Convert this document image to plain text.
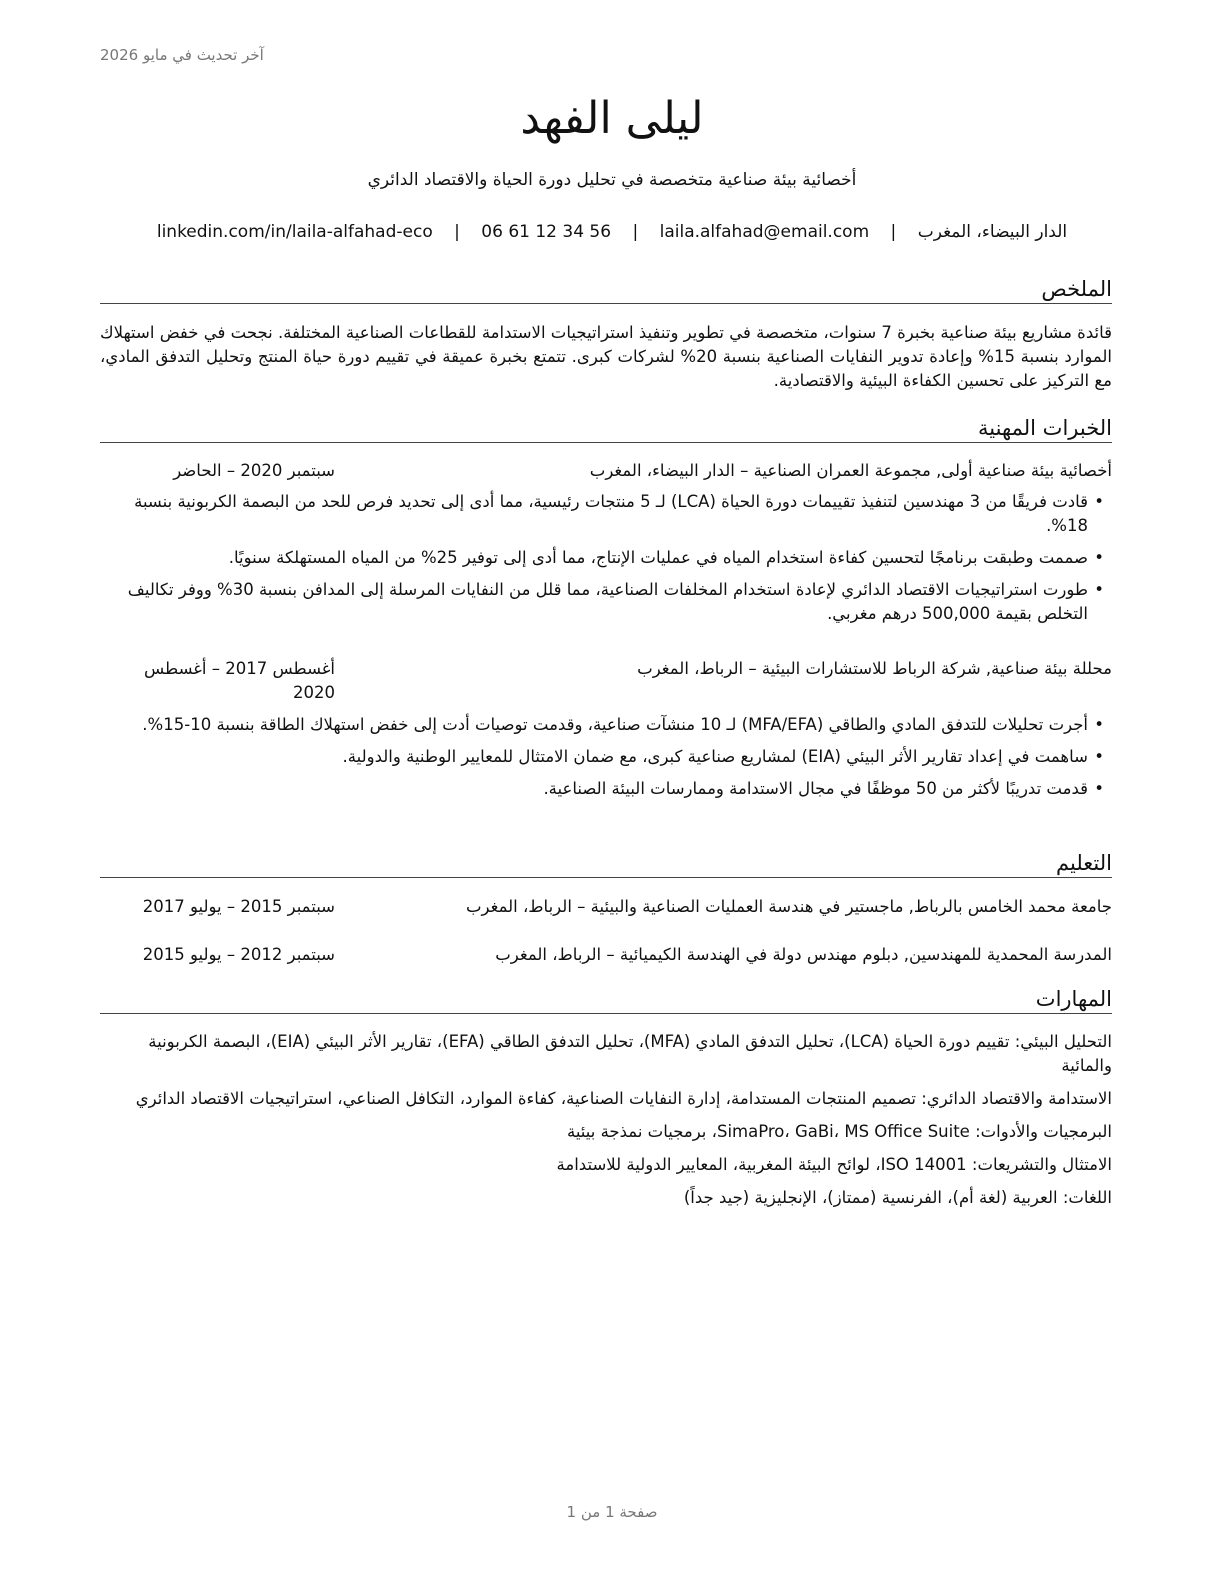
آخر تحديث في مايو 2026
ليلى الفهد
أخصائية بيئة صناعية متخصصة في تحليل دورة الحياة والاقتصاد الدائري
الدار البيضاء، المغرب | laila.alfahad@email.com | 06 61 12 34 56 | linkedin.com/in/laila-alfahad-eco
الملخص
قائدة مشاريع بيئة صناعية بخبرة 7 سنوات، متخصصة في تطوير وتنفيذ استراتيجيات الاستدامة للقطاعات الصناعية المختلفة. نجحت في خفض استهلاك الموارد بنسبة 15% وإعادة تدوير النفايات الصناعية بنسبة 20% لشركات كبرى. تتمتع بخبرة عميقة في تقييم دورة حياة المنتج وتحليل التدفق المادي، مع التركيز على تحسين الكفاءة البيئية والاقتصادية.
الخبرات المهنية
أخصائية بيئة صناعية أولى, مجموعة العمران الصناعية – الدار البيضاء، المغرب
سبتمبر 2020 – الحاضر
• قادت فريقًا من 3 مهندسين لتنفيذ تقييمات دورة الحياة (LCA) لـ 5 منتجات رئيسية، مما أدى إلى تحديد فرص للحد من البصمة الكربونية بنسبة 18%.
• صممت وطبقت برنامجًا لتحسين كفاءة استخدام المياه في عمليات الإنتاج، مما أدى إلى توفير 25% من المياه المستهلكة سنويًا.
• طورت استراتيجيات الاقتصاد الدائري لإعادة استخدام المخلفات الصناعية، مما قلل من النفايات المرسلة إلى المدافن بنسبة 30% ووفر تكاليف التخلص بقيمة 500,000 درهم مغربي.
محللة بيئة صناعية, شركة الرباط للاستشارات البيئية – الرباط، المغرب
أغسطس 2017 – أغسطس 2020
• أجرت تحليلات للتدفق المادي والطاقي (MFA/EFA) لـ 10 منشآت صناعية، وقدمت توصيات أدت إلى خفض استهلاك الطاقة بنسبة 10-15%.
• ساهمت في إعداد تقارير الأثر البيئي (EIA) لمشاريع صناعية كبرى، مع ضمان الامتثال للمعايير الوطنية والدولية.
• قدمت تدريبًا لأكثر من 50 موظفًا في مجال الاستدامة وممارسات البيئة الصناعية.
التعليم
جامعة محمد الخامس بالرباط, ماجستير في هندسة العمليات الصناعية والبيئية – الرباط، المغرب
سبتمبر 2015 – يوليو 2017
المدرسة المحمدية للمهندسين, دبلوم مهندس دولة في الهندسة الكيميائية – الرباط، المغرب
سبتمبر 2012 – يوليو 2015
المهارات

التحليل البيئي: تقييم دورة الحياة (LCA)، تحليل التدفق المادي (MFA)، تحليل التدفق الطاقي (EFA)، تقارير الأثر البيئي (EIA)، البصمة الكربونية والمائية

الاستدامة والاقتصاد الدائري: تصميم المنتجات المستدامة، إدارة النفايات الصناعية، كفاءة الموارد، التكافل الصناعي، استراتيجيات الاقتصاد الدائري

البرمجيات والأدوات: SimaPro، GaBi، MS Office Suite، برمجيات نمذجة بيئية

الامتثال والتشريعات: ISO 14001، لوائح البيئة المغربية، المعايير الدولية للاستدامة

اللغات: العربية (لغة أم)، الفرنسية (ممتاز)، الإنجليزية (جيد جداً)

صفحة 1 من 1
